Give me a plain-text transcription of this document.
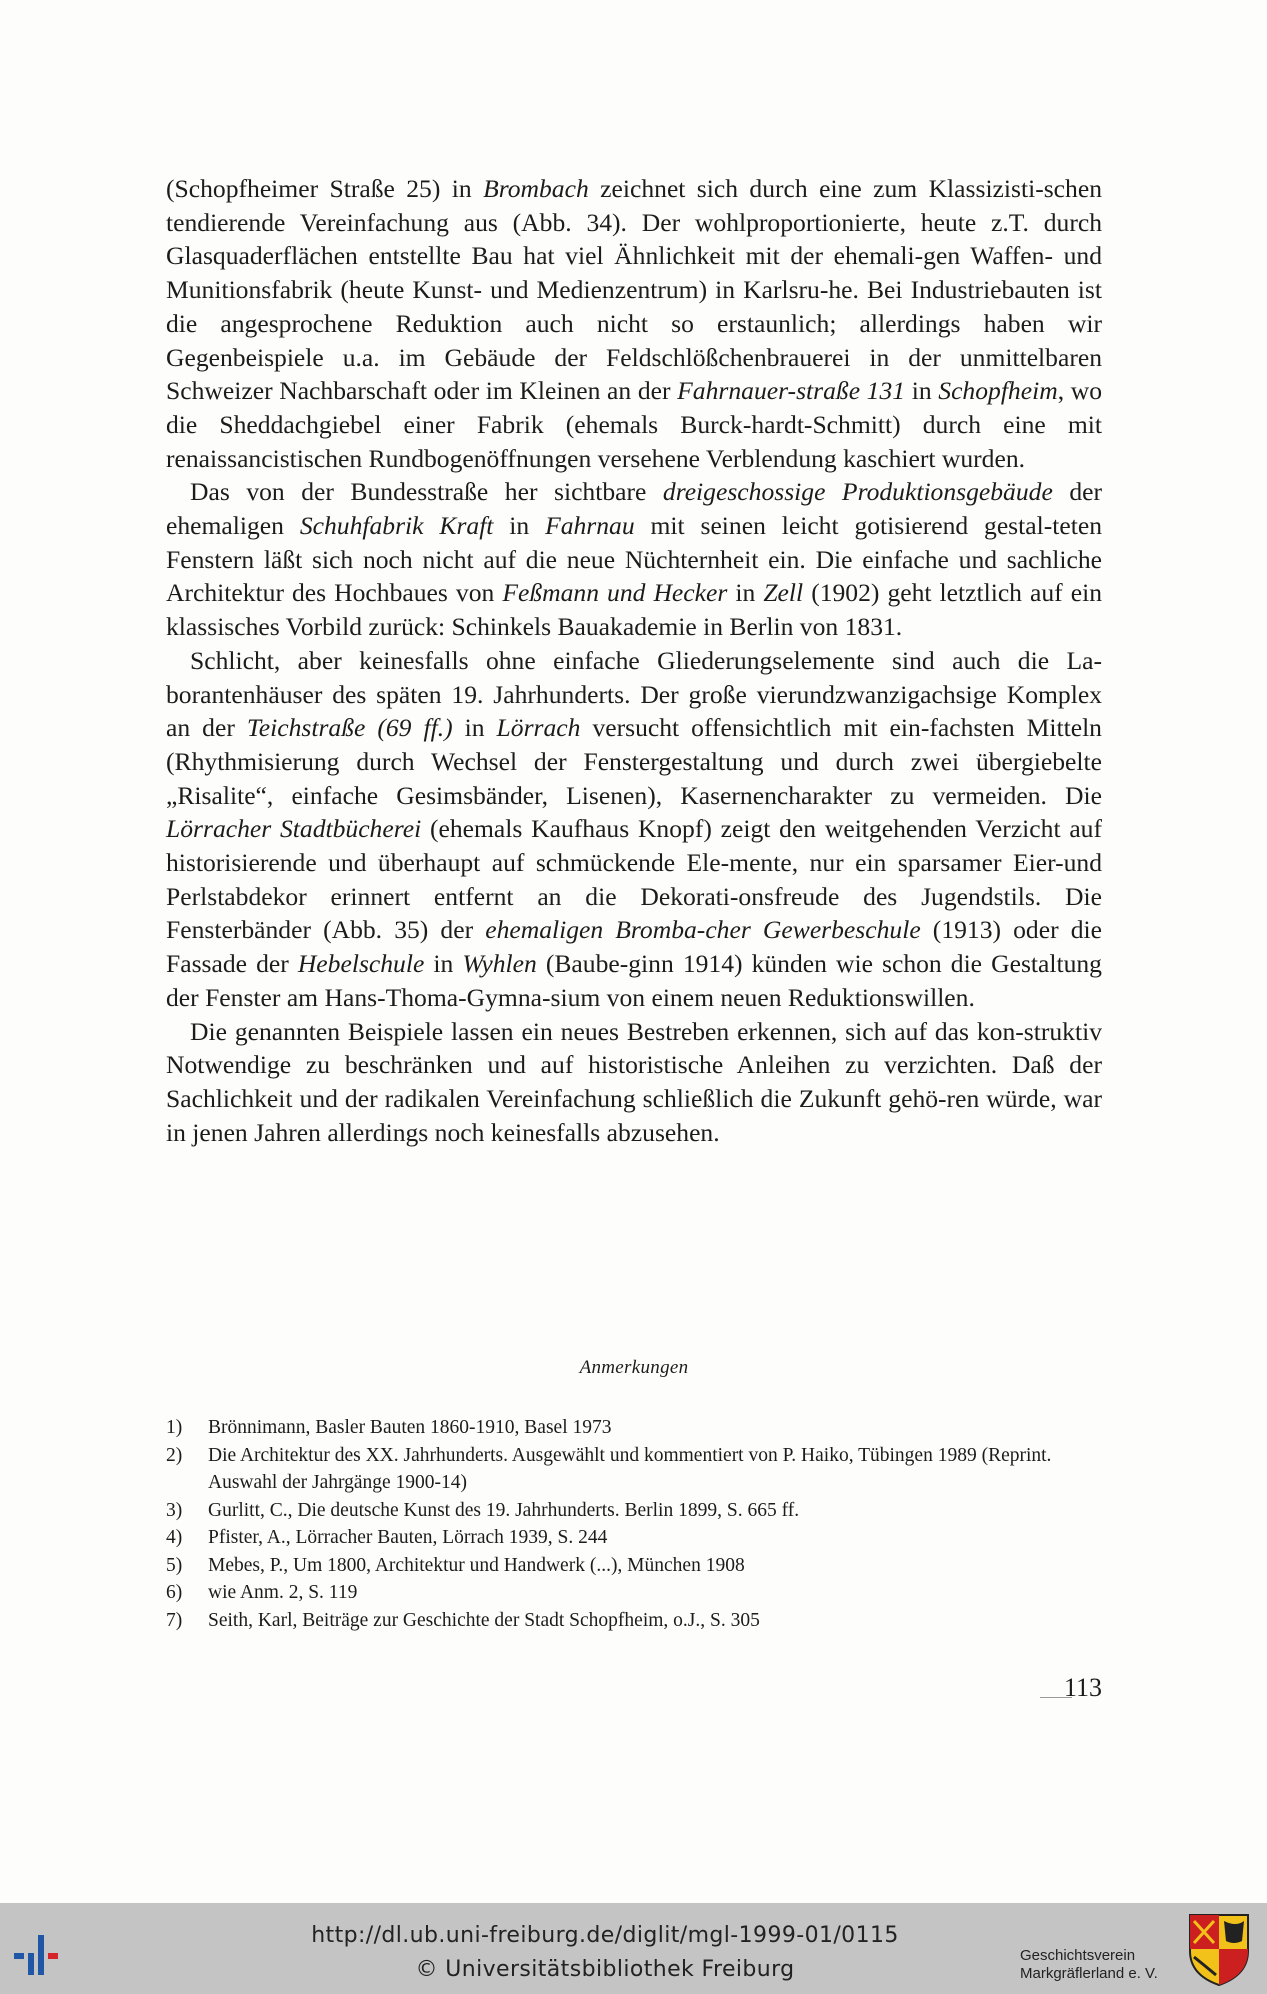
(Schopfheimer Straße 25) in Brombach zeichnet sich durch eine zum Klassizisti-schen tendierende Vereinfachung aus (Abb. 34). Der wohlproportionierte, heute z.T. durch Glasquaderflächen entstellte Bau hat viel Ähnlichkeit mit der ehemali-gen Waffen- und Munitionsfabrik (heute Kunst- und Medienzentrum) in Karlsru-he. Bei Industriebauten ist die angesprochene Reduktion auch nicht so erstaunlich; allerdings haben wir Gegenbeispiele u.a. im Gebäude der Feldschlößchenbrauerei in der unmittelbaren Schweizer Nachbarschaft oder im Kleinen an der Fahrnauer-straße 131 in Schopfheim, wo die Sheddachgiebel einer Fabrik (ehemals Burck-hardt-Schmitt) durch eine mit renaissancistischen Rundbogenöffnungen versehene Verblendung kaschiert wurden.

Das von der Bundesstraße her sichtbare dreigeschossige Produktionsgebäude der ehemaligen Schuhfabrik Kraft in Fahrnau mit seinen leicht gotisierend gestal-teten Fenstern läßt sich noch nicht auf die neue Nüchternheit ein. Die einfache und sachliche Architektur des Hochbaues von Feßmann und Hecker in Zell (1902) geht letztlich auf ein klassisches Vorbild zurück: Schinkels Bauakademie in Berlin von 1831.

Schlicht, aber keinesfalls ohne einfache Gliederungselemente sind auch die La-borantenhäuser des späten 19. Jahrhunderts. Der große vierundzwanzigachsige Komplex an der Teichstraße (69 ff.) in Lörrach versucht offensichtlich mit ein-fachsten Mitteln (Rhythmisierung durch Wechsel der Fenstergestaltung und durch zwei übergiebelte „Risalite“, einfache Gesimsbänder, Lisenen), Kasernencharakter zu vermeiden. Die Lörracher Stadtbücherei (ehemals Kaufhaus Knopf) zeigt den weitgehenden Verzicht auf historisierende und überhaupt auf schmückende Ele-mente, nur ein sparsamer Eier-und Perlstabdekor erinnert entfernt an die Dekorati-onsfreude des Jugendstils. Die Fensterbänder (Abb. 35) der ehemaligen Bromba-cher Gewerbeschule (1913) oder die Fassade der Hebelschule in Wyhlen (Baube-ginn 1914) künden wie schon die Gestaltung der Fenster am Hans-Thoma-Gymna-sium von einem neuen Reduktionswillen.

Die genannten Beispiele lassen ein neues Bestreben erkennen, sich auf das kon-struktiv Notwendige zu beschränken und auf historistische Anleihen zu verzichten. Daß der Sachlichkeit und der radikalen Vereinfachung schließlich die Zukunft gehö-ren würde, war in jenen Jahren allerdings noch keinesfalls abzusehen.

Anmerkungen
1)	Brönnimann, Basler Bauten 1860-1910, Basel 1973
2)	Die Architektur des XX. Jahrhunderts. Ausgewählt und kommentiert von P. Haiko, Tübingen 1989 (Reprint. Auswahl der Jahrgänge 1900-14)
3)	Gurlitt, C., Die deutsche Kunst des 19. Jahrhunderts. Berlin 1899, S. 665 ff.
4)	Pfister, A., Lörracher Bauten, Lörrach 1939, S. 244
5)	Mebes, P., Um 1800, Architektur und Handwerk (...), München 1908
6)	wie Anm. 2, S. 119
7)	Seith, Karl, Beiträge zur Geschichte der Stadt Schopfheim, o.J., S. 305
113
http://dl.ub.uni-freiburg.de/diglit/mgl-1999-01/0115
© Universitätsbibliothek Freiburg
Geschichtsverein
Markgräflerland e. V.
